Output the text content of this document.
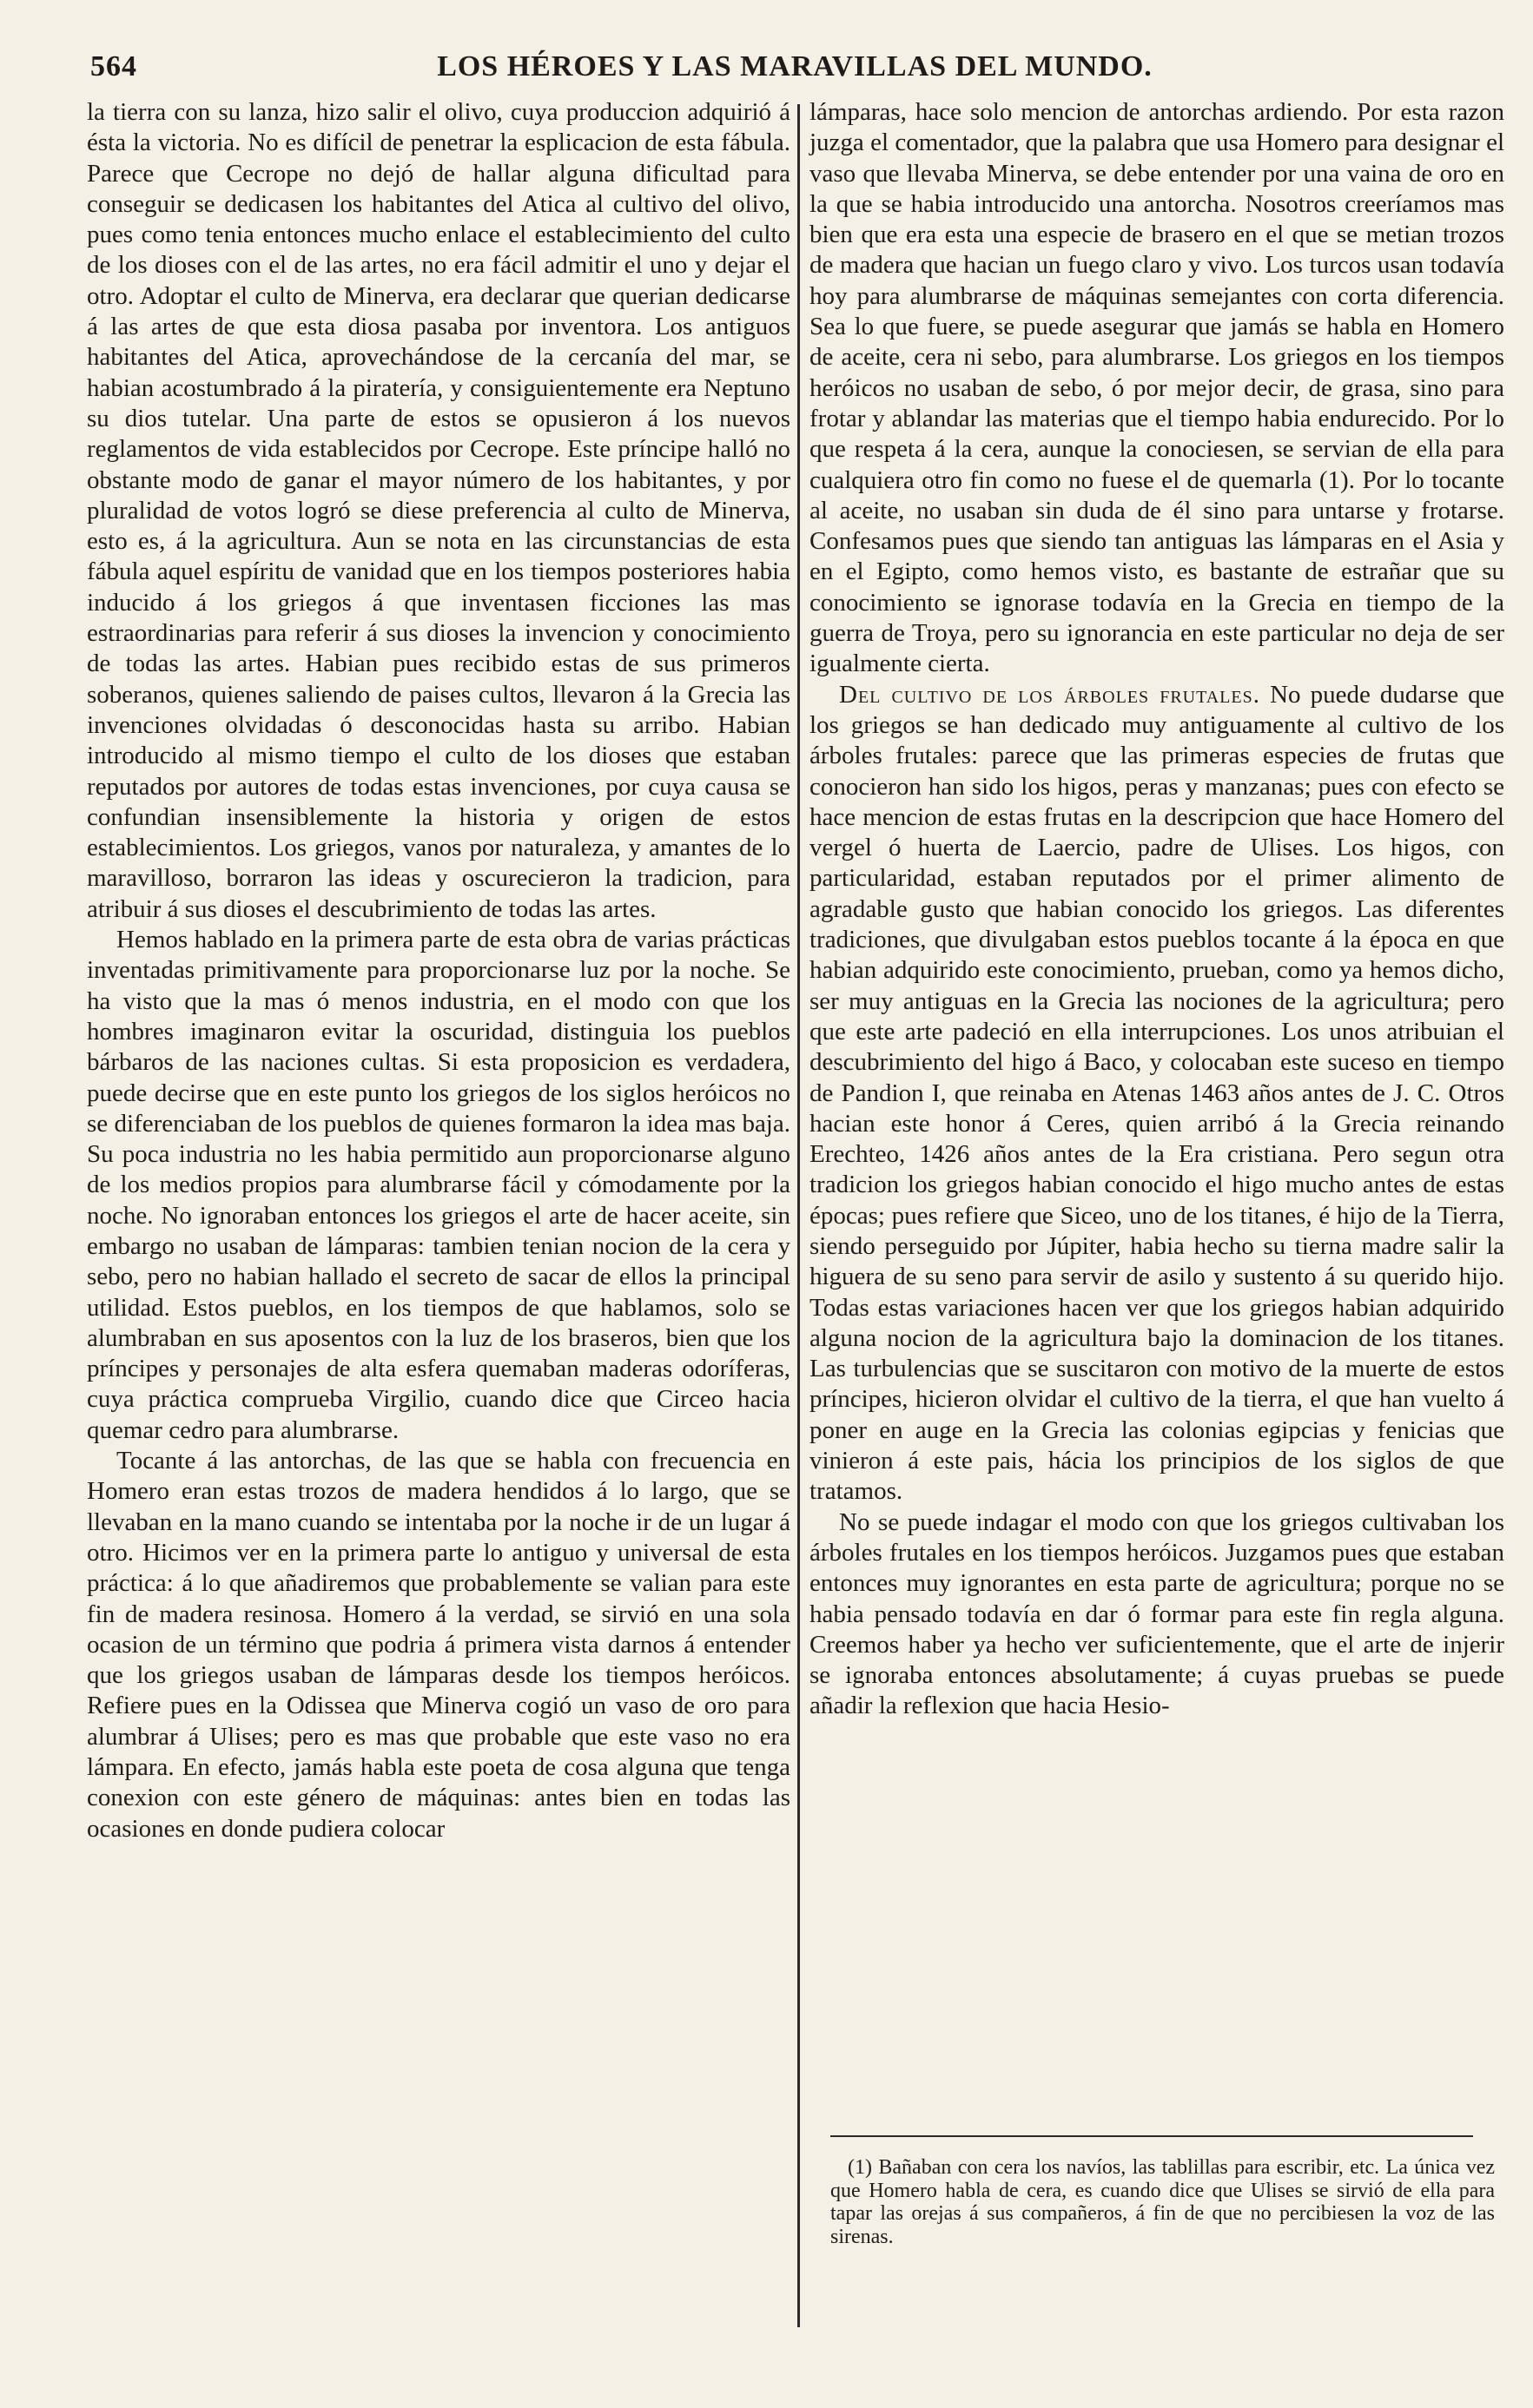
564	LOS HÉROES Y LAS MARAVILLAS DEL MUNDO.

la tierra con su lanza, hizo salir el olivo, cuya produccion adquirió á ésta la victoria. No es difícil de penetrar la esplicacion de esta fábula. Parece que Cecrope no dejó de hallar alguna dificultad para conseguir se dedicasen los habitantes del Atica al cultivo del olivo, pues como tenia entonces mucho enlace el establecimiento del culto de los dioses con el de las artes, no era fácil admitir el uno y dejar el otro. Adoptar el culto de Minerva, era declarar que querian dedicarse á las artes de que esta diosa pasaba por inventora. Los antiguos habitantes del Atica, aprovechándose de la cercanía del mar, se habian acostumbrado á la piratería, y consiguientemente era Neptuno su dios tutelar. Una parte de estos se opusieron á los nuevos reglamentos de vida establecidos por Cecrope. Este príncipe halló no obstante modo de ganar el mayor número de los habitantes, y por pluralidad de votos logró se diese preferencia al culto de Minerva, esto es, á la agricultura. Aun se nota en las circunstancias de esta fábula aquel espíritu de vanidad que en los tiempos posteriores habia inducido á los griegos á que inventasen ficciones las mas estraordinarias para referir á sus dioses la invencion y conocimiento de todas las artes. Habian pues recibido estas de sus primeros soberanos, quienes saliendo de paises cultos, llevaron á la Grecia las invenciones olvidadas ó desconocidas hasta su arribo. Habian introducido al mismo tiempo el culto de los dioses que estaban reputados por autores de todas estas invenciones, por cuya causa se confundian insensiblemente la historia y origen de estos establecimientos. Los griegos, vanos por naturaleza, y amantes de lo maravilloso, borraron las ideas y oscurecieron la tradicion, para atribuir á sus dioses el descubrimiento de todas las artes.

Hemos hablado en la primera parte de esta obra de varias prácticas inventadas primitivamente para proporcionarse luz por la noche. Se ha visto que la mas ó menos industria, en el modo con que los hombres imaginaron evitar la oscuridad, distinguia los pueblos bárbaros de las naciones cultas. Si esta proposicion es verdadera, puede decirse que en este punto los griegos de los siglos heróicos no se diferenciaban de los pueblos de quienes formaron la idea mas baja. Su poca industria no les habia permitido aun proporcionarse alguno de los medios propios para alumbrarse fácil y cómodamente por la noche. No ignoraban entonces los griegos el arte de hacer aceite, sin embargo no usaban de lámparas: tambien tenian nocion de la cera y sebo, pero no habian hallado el secreto de sacar de ellos la principal utilidad. Estos pueblos, en los tiempos de que hablamos, solo se alumbraban en sus aposentos con la luz de los braseros, bien que los príncipes y personajes de alta esfera quemaban maderas odoríferas, cuya práctica comprueba Virgilio, cuando dice que Circeo hacia quemar cedro para alumbrarse.

Tocante á las antorchas, de las que se habla con frecuencia en Homero eran estas trozos de madera hendidos á lo largo, que se llevaban en la mano cuando se intentaba por la noche ir de un lugar á otro. Hicimos ver en la primera parte lo antiguo y universal de esta práctica: á lo que añadiremos que probablemente se valian para este fin de madera resinosa. Homero á la verdad, se sirvió en una sola ocasion de un término que podria á primera vista darnos á entender que los griegos usaban de lámparas desde los tiempos heróicos. Refiere pues en la Odissea que Minerva cogió un vaso de oro para alumbrar á Ulises; pero es mas que probable que este vaso no era lámpara. En efecto, jamás habla este poeta de cosa alguna que tenga conexion con este género de máquinas: antes bien en todas las ocasiones en donde pudiera colocar

lámparas, hace solo mencion de antorchas ardiendo. Por esta razon juzga el comentador, que la palabra que usa Homero para designar el vaso que llevaba Minerva, se debe entender por una vaina de oro en la que se habia introducido una antorcha. Nosotros creeríamos mas bien que era esta una especie de brasero en el que se metian trozos de madera que hacian un fuego claro y vivo. Los turcos usan todavía hoy para alumbrarse de máquinas semejantes con corta diferencia. Sea lo que fuere, se puede asegurar que jamás se habla en Homero de aceite, cera ni sebo, para alumbrarse. Los griegos en los tiempos heróicos no usaban de sebo, ó por mejor decir, de grasa, sino para frotar y ablandar las materias que el tiempo habia endurecido. Por lo que respeta á la cera, aunque la conociesen, se servian de ella para cualquiera otro fin como no fuese el de quemarla (1). Por lo tocante al aceite, no usaban sin duda de él sino para untarse y frotarse. Confesamos pues que siendo tan antiguas las lámparas en el Asia y en el Egipto, como hemos visto, es bastante de estrañar que su conocimiento se ignorase todavía en la Grecia en tiempo de la guerra de Troya, pero su ignorancia en este particular no deja de ser igualmente cierta.

Del cultivo de los árboles frutales. No puede dudarse que los griegos se han dedicado muy antiguamente al cultivo de los árboles frutales: parece que las primeras especies de frutas que conocieron han sido los higos, peras y manzanas; pues con efecto se hace mencion de estas frutas en la descripcion que hace Homero del vergel ó huerta de Laercio, padre de Ulises. Los higos, con particularidad, estaban reputados por el primer alimento de agradable gusto que habian conocido los griegos. Las diferentes tradiciones, que divulgaban estos pueblos tocante á la época en que habian adquirido este conocimiento, prueban, como ya hemos dicho, ser muy antiguas en la Grecia las nociones de la agricultura; pero que este arte padeció en ella interrupciones. Los unos atribuian el descubrimiento del higo á Baco, y colocaban este suceso en tiempo de Pandion I, que reinaba en Atenas 1463 años antes de J. C. Otros hacian este honor á Ceres, quien arribó á la Grecia reinando Erechteo, 1426 años antes de la Era cristiana. Pero segun otra tradicion los griegos habian conocido el higo mucho antes de estas épocas; pues refiere que Siceo, uno de los titanes, é hijo de la Tierra, siendo perseguido por Júpiter, habia hecho su tierna madre salir la higuera de su seno para servir de asilo y sustento á su querido hijo. Todas estas variaciones hacen ver que los griegos habian adquirido alguna nocion de la agricultura bajo la dominacion de los titanes. Las turbulencias que se suscitaron con motivo de la muerte de estos príncipes, hicieron olvidar el cultivo de la tierra, el que han vuelto á poner en auge en la Grecia las colonias egipcias y fenicias que vinieron á este pais, hácia los principios de los siglos de que tratamos.

No se puede indagar el modo con que los griegos cultivaban los árboles frutales en los tiempos heróicos. Juzgamos pues que estaban entonces muy ignorantes en esta parte de agricultura; porque no se habia pensado todavía en dar ó formar para este fin regla alguna. Creemos haber ya hecho ver suficientemente, que el arte de injerir se ignoraba entonces absolutamente; á cuyas pruebas se puede añadir la reflexion que hacia Hesio-

(1) Bañaban con cera los navíos, las tablillas para escribir, etc. La única vez que Homero habla de cera, es cuando dice que Ulises se sirvió de ella para tapar las orejas á sus compañeros, á fin de que no percibiesen la voz de las sirenas.
